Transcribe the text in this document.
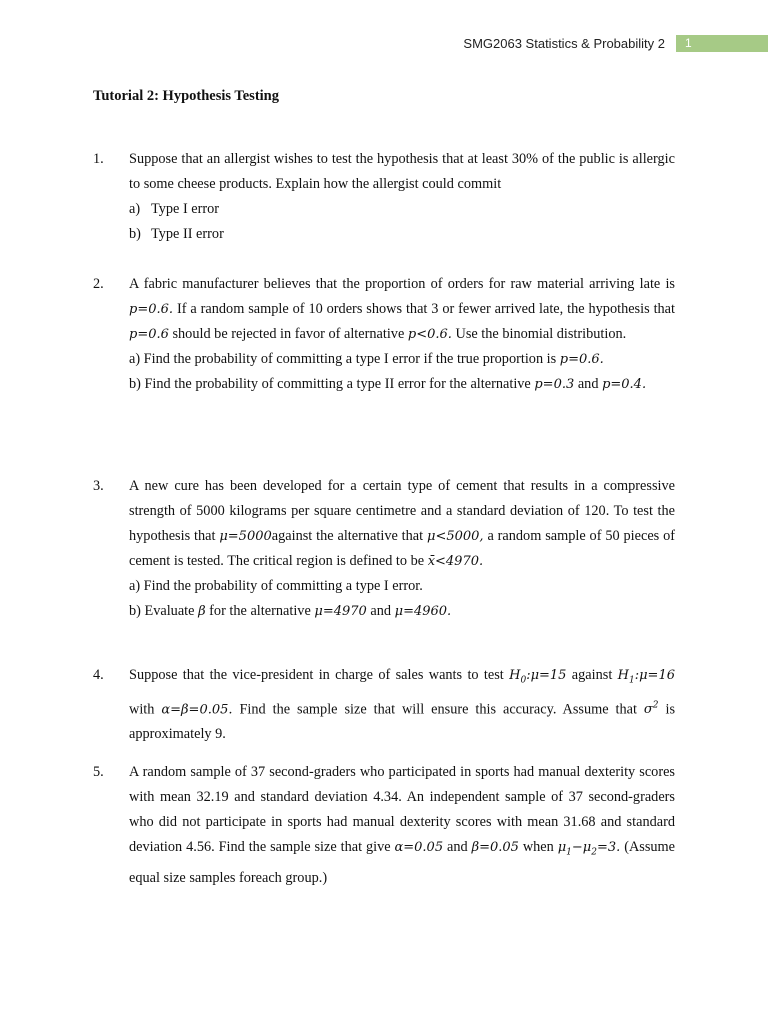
SMG2063 Statistics & Probability 2	1
Tutorial 2: Hypothesis Testing
1. Suppose that an allergist wishes to test the hypothesis that at least 30% of the public is allergic to some cheese products. Explain how the allergist could commit
a) Type I error
b) Type II error
2. A fabric manufacturer believes that the proportion of orders for raw material arriving late is p=0.6. If a random sample of 10 orders shows that 3 or fewer arrived late, the hypothesis that p=0.6 should be rejected in favor of alternative p<0.6. Use the binomial distribution.
a) Find the probability of committing a type I error if the true proportion is p=0.6.
b) Find the probability of committing a type II error for the alternative p=0.3 and p=0.4.
3. A new cure has been developed for a certain type of cement that results in a compressive strength of 5000 kilograms per square centimetre and a standard deviation of 120. To test the hypothesis that μ=5000against the alternative that μ<5000, a random sample of 50 pieces of cement is tested. The critical region is defined to be x̄<4970.
a) Find the probability of committing a type I error.
b) Evaluate β for the alternative μ=4970 and μ=4960.
4. Suppose that the vice-president in charge of sales wants to test $H_0:\mu=15$ against $H_1:\mu=16$ with α=β=0.05. Find the sample size that will ensure this accuracy. Assume that $\sigma^2$ is approximately 9.
5. A random sample of 37 second-graders who participated in sports had manual dexterity scores with mean 32.19 and standard deviation 4.34. An independent sample of 37 second-graders who did not participate in sports had manual dexterity scores with mean 31.68 and standard deviation 4.56. Find the sample size that give α=0.05 and β=0.05 when $\mu_1-\mu_2=3$. (Assume equal size samples foreach group.)
